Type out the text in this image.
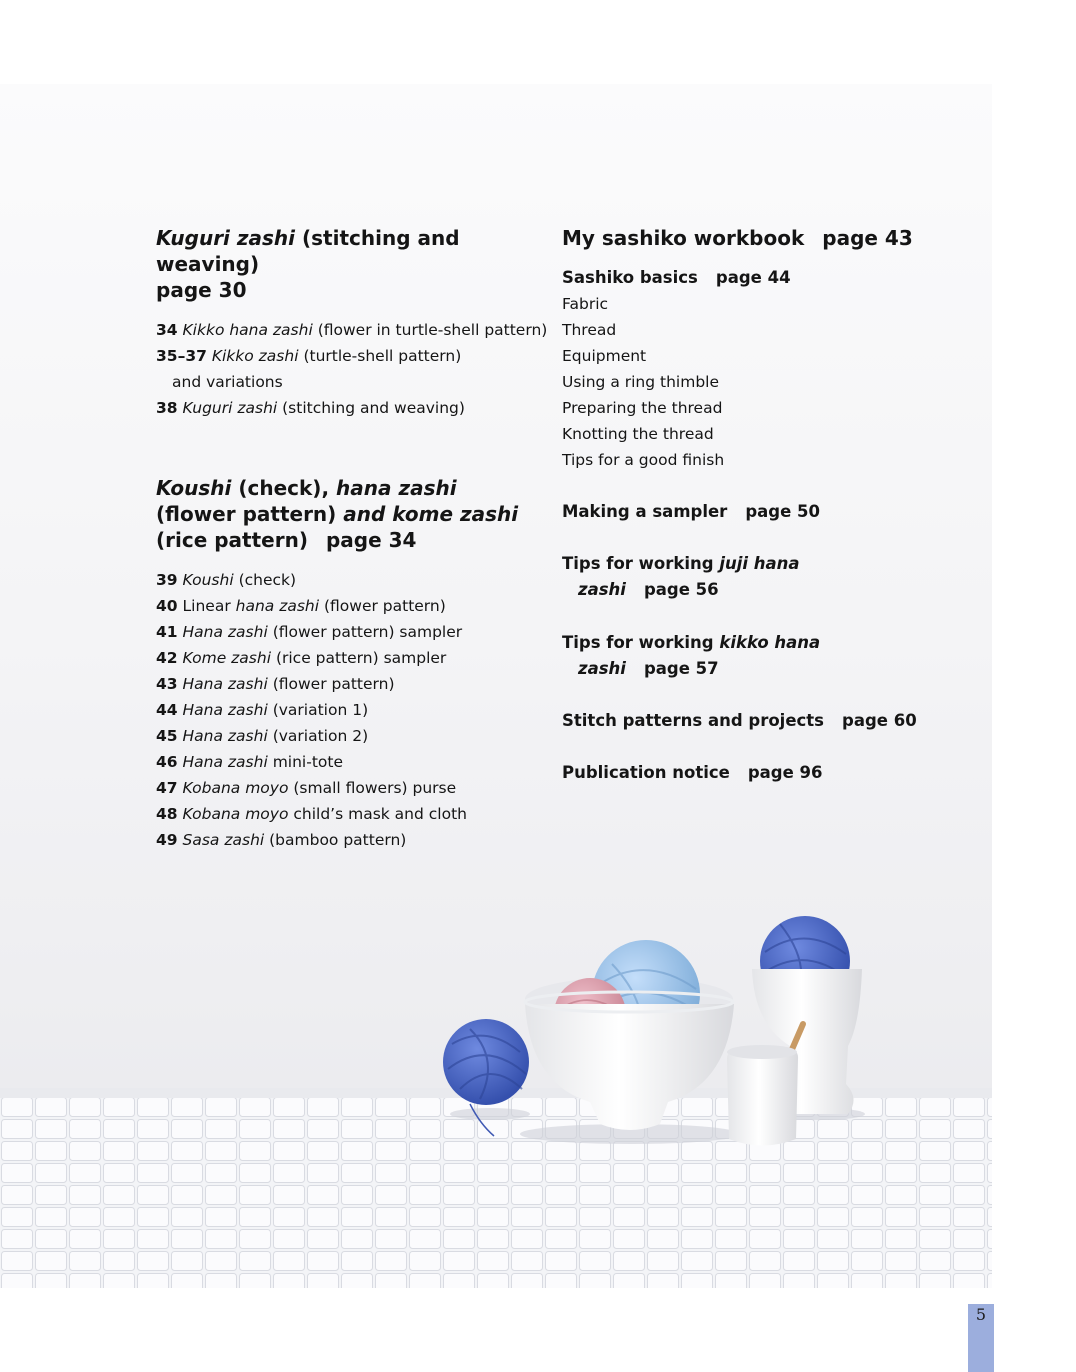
Kuguri zashi (stitching and weaving)
page 30
34 Kikko hana zashi (flower in turtle-shell pattern)
35–37 Kikko zashi (turtle-shell pattern)
and variations
38 Kuguri zashi (stitching and weaving)
Koushi (check), hana zashi
(flower pattern) and kome zashi
(rice pattern) page 34
39 Koushi (check)
40 Linear hana zashi (flower pattern)
41 Hana zashi (flower pattern) sampler
42 Kome zashi (rice pattern) sampler
43 Hana zashi (flower pattern)
44 Hana zashi (variation 1)
45 Hana zashi (variation 2)
46 Hana zashi mini-tote
47 Kobana moyo (small flowers) purse
48 Kobana moyo child’s mask and cloth
49 Sasa zashi (bamboo pattern)
My sashiko workbook page 43
Sashiko basics page 44
Fabric
Thread
Equipment
Using a ring thimble
Preparing the thread
Knotting the thread
Tips for a good finish
Making a sampler page 50
Tips for working juji hana
zashi page 56
Tips for working kikko hana
zashi page 57
Stitch patterns and projects page 60
Publication notice page 96
5
